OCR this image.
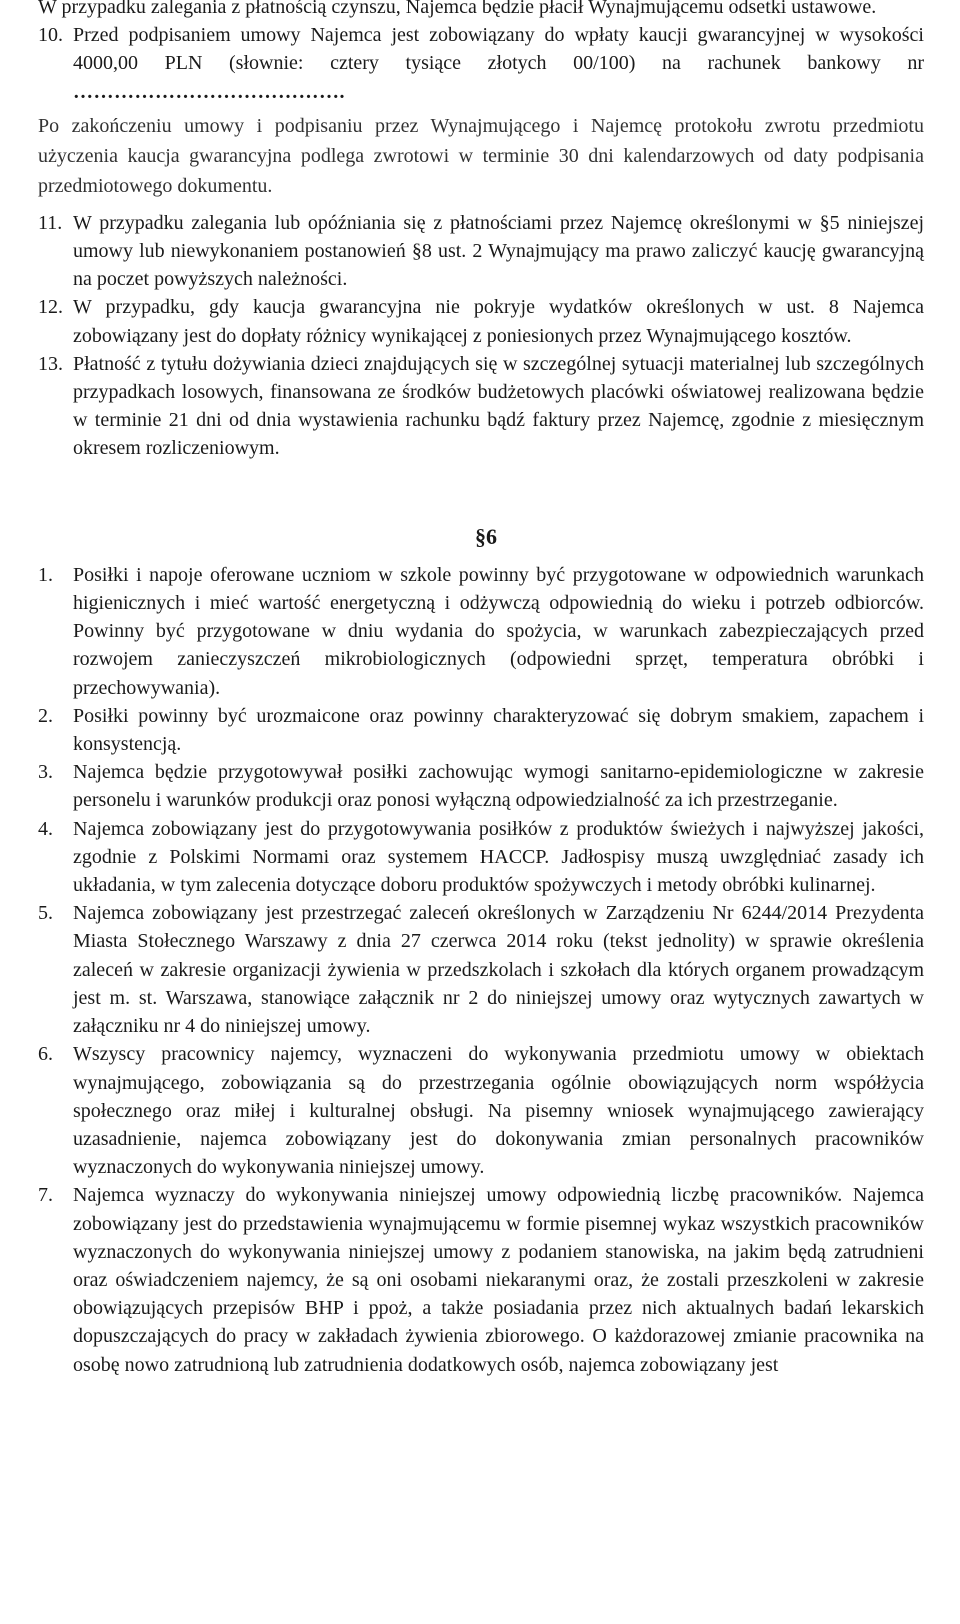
W przypadku zalegania z płatnością czynszu, Najemca będzie płacił Wynajmującemu odsetki ustawowe.

10. Przed podpisaniem umowy Najemca jest zobowiązany do wpłaty kaucji gwarancyjnej w wysokości 4000,00 PLN (słownie: cztery tysiące złotych 00/100) na rachunek bankowy nr ………………………………….

Po zakończeniu umowy i podpisaniu przez Wynajmującego i Najemcę protokołu zwrotu przedmiotu użyczenia kaucja gwarancyjna podlega zwrotowi w terminie 30 dni kalendarzowych od daty podpisania przedmiotowego dokumentu.

11. W przypadku zalegania lub opóźniania się z płatnościami przez Najemcę określonymi w §5 niniejszej umowy lub niewykonaniem postanowień §8 ust. 2 Wynajmujący ma prawo zaliczyć kaucję gwarancyjną na poczet powyższych należności.
12. W przypadku, gdy kaucja gwarancyjna nie pokryje wydatków określonych w ust. 8 Najemca zobowiązany jest do dopłaty różnicy wynikającej z poniesionych przez Wynajmującego kosztów.
13. Płatność z tytułu dożywiania dzieci znajdujących się w szczególnej sytuacji materialnej lub szczególnych przypadkach losowych, finansowana ze środków budżetowych placówki oświatowej realizowana będzie w terminie 21 dni od dnia wystawienia rachunku bądź faktury przez Najemcę, zgodnie z miesięcznym okresem rozliczeniowym.
§6
1.	Posiłki i napoje oferowane uczniom w szkole powinny być przygotowane w odpowiednich warunkach higienicznych i mieć wartość energetyczną i odżywczą odpowiednią do wieku i potrzeb odbiorców. Powinny być przygotowane w dniu wydania do spożycia, w warunkach zabezpieczających przed rozwojem zanieczyszczeń mikrobiologicznych (odpowiedni sprzęt, temperatura obróbki i przechowywania).
2.	Posiłki powinny być urozmaicone oraz powinny charakteryzować się dobrym smakiem, zapachem i konsystencją.
3.	Najemca będzie przygotowywał posiłki zachowując wymogi sanitarno-epidemiologiczne w zakresie personelu i warunków produkcji oraz ponosi wyłączną odpowiedzialność za ich przestrzeganie.
4.	Najemca zobowiązany jest do przygotowywania posiłków z produktów świeżych i najwyższej jakości, zgodnie z Polskimi Normami oraz systemem HACCP. Jadłospisy muszą uwzględniać zasady ich układania, w tym zalecenia dotyczące doboru produktów spożywczych i metody obróbki kulinarnej.
5.	Najemca zobowiązany jest przestrzegać zaleceń określonych w Zarządzeniu Nr 6244/2014 Prezydenta Miasta Stołecznego Warszawy z dnia 27 czerwca 2014 roku (tekst jednolity) w sprawie określenia zaleceń w zakresie organizacji żywienia w przedszkolach i szkołach dla których organem prowadzącym jest m. st. Warszawa, stanowiące załącznik nr 2 do niniejszej umowy oraz wytycznych zawartych w załączniku nr 4 do niniejszej umowy.
6.	Wszyscy pracownicy najemcy, wyznaczeni do wykonywania przedmiotu umowy w obiektach wynajmującego, zobowiązania są do przestrzegania ogólnie obowiązujących norm współżycia społecznego oraz miłej i kulturalnej obsługi. Na pisemny wniosek wynajmującego zawierający uzasadnienie, najemca zobowiązany jest do dokonywania zmian personalnych pracowników wyznaczonych do wykonywania niniejszej umowy.
7.	Najemca wyznaczy do wykonywania niniejszej umowy odpowiednią liczbę pracowników. Najemca zobowiązany jest do przedstawienia wynajmującemu w formie pisemnej wykaz wszystkich pracowników wyznaczonych do wykonywania niniejszej umowy z podaniem stanowiska, na jakim będą zatrudnieni oraz oświadczeniem najemcy, że są oni osobami niekaranymi oraz, że zostali przeszkoleni w zakresie obowiązujących przepisów BHP i ppoż, a także posiadania przez nich aktualnych badań lekarskich dopuszczających do pracy w zakładach żywienia zbiorowego. O każdorazowej zmianie pracownika na osobę nowo zatrudnioną lub zatrudnienia dodatkowych osób, najemca zobowiązany jest
